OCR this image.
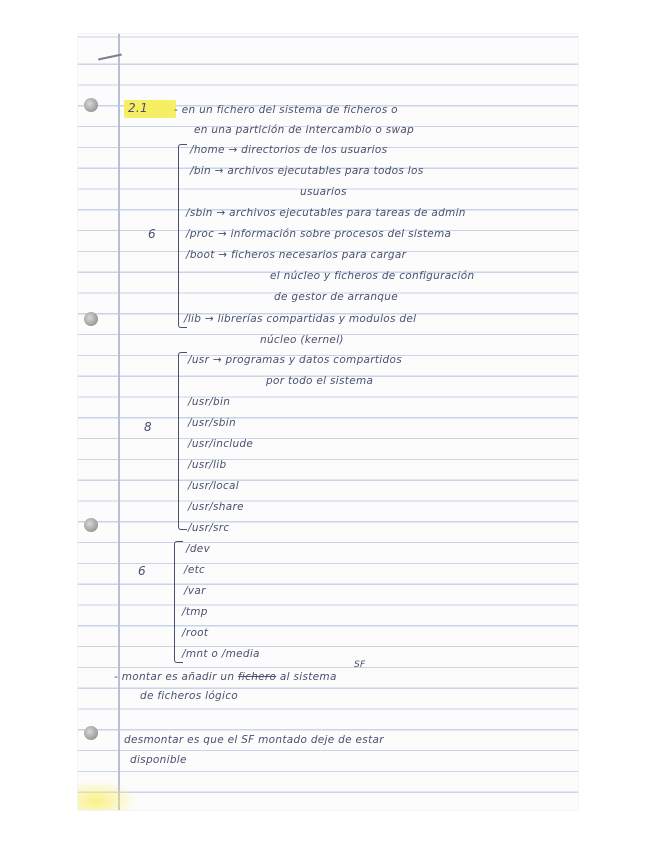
2.1 - en un fichero del sistema de ficheros o
en una partición de intercambio o swap
6
/home → directorios de los usuarios
/bin → archivos ejecutables para todos los
usuarios
/sbin → archivos ejecutables para tareas de admin
/proc → información sobre procesos del sistema
/boot → ficheros necesarios para cargar
el núcleo y ficheros de configuración
de gestor de arranque
/lib → librerías compartidas y modulos del
núcleo (kernel)
8
/usr → programas y datos compartidos
por todo el sistema
/usr/bin
/usr/sbin
/usr/include
/usr/lib
/usr/local
/usr/share
/usr/src
6
/dev
/etc
/var
/tmp
/root
/mnt o /media
SF
- montar es añadir un fichero al sistema
de ficheros lógico
desmontar es que el SF montado deje de estar
disponible
